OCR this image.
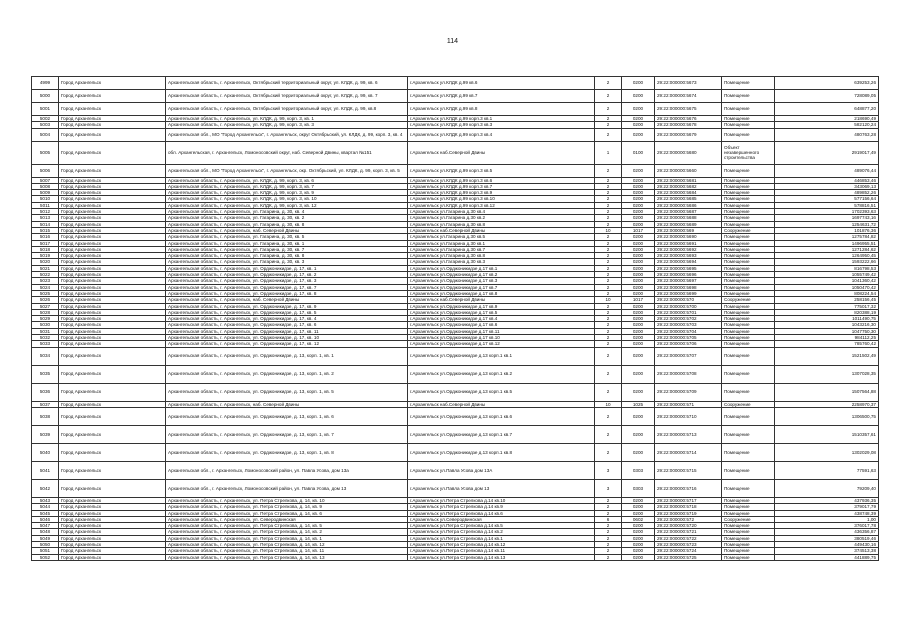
114
4999	Город Архангельск	Архангельская область, г. Архангельск, Октябрьский территориальный округ, ул. КЛДК, д. 99, кв. 6	г.Архангельск ул.КЛДК д.99 кв.6	2	0200	29:22:000000:5673	Помещение	639253,26
5000	Город Архангельск	Архангельская область, г. Архангельск, Октябрьский территориальный округ, ул. КЛДК, д. 99, кв. 7	г.Архангельск ул.КЛДК д.99 кв.7	2	0200	29:22:000000:5674	Помещение	728089,05
5001	Город Архангельск	Архангельская область, г. Архангельск, Октябрьский территориальный округ, ул. КЛДК, д. 99, кв.8	г.Архангельск ул.КЛДК д.99 кв.8	2	0200	29:22:000000:5675	Помещение	648877,20
5002	Город Архангельск	Архангельская область, г. Архангельск, ул. КЛДК, д. 99, корп. 3, кв. 1	г.Архангельск ул.КЛДК д.99 корп.3 кв.1	2	0200	29:22:000000:5676	Помещение	218690,49
5003	Город Архангельск	Архангельская область, г. Архангельск, ул. КЛДК, д. 99, корп. 3, кв. 3	г.Архангельск ул.КЛДК д.99 корп.3 кв.3	2	0200	29:22:000000:5678	Помещение	582120,24
5004	Город Архангельск	Архангельская обл., МО "Город Архангельск", г. Архангельск, округ Октябрьский, ул. КЛДК, д. 99, корп. 3, кв. 4	г.Архангельск ул.КЛДК д.99 корп.3 кв.4	2	0200	29:22:000000:5679	Помещение	480763,28
5005	Город Архангельск	обл. Архангельская, г. Архангельск, Ломоносовский округ, наб. Северной Двины, квартал №151	г.Архангельск наб.Северной Двины	1	0100	29:22:000000:5680	Объект незавершенного строительства	2919017,49
5006	Город Архангельск	Архангельская обл., МО "Город Архангельск", г. Архангельск, окр. Октябрьский, ул. КЛДК, д. 99, корп. 3, кв. 5	г.Архангельск ул.КЛДК д.99 корп.3 кв.5	2	0200	29:22:000000:5660	Помещение	489076,44
5007	Город Архангельск	Архангельская область, г. Архангельск, ул. КЛДК, д. 99, корп. 3, кв. 6	г.Архангельск ул.КЛДК д.99 корп.3 кв.6	2	0200	29:22:000000:5681	Помещение	446853,46
5008	Город Архангельск	Архангельская область, г. Архангельск, ул. КЛДК, д. 99, корп. 3, кв. 7	г.Архангельск ул.КЛДК д.99 корп.3 кв.7	2	0200	29:22:000000:5682	Помещение	343069,13
5009	Город Архангельск	Архангельская область, г. Архангельск, ул. КЛДК, д. 99, корп. 3, кв. 9	г.Архангельск ул.КЛДК д.99 корп.3 кв.9	2	0200	29:22:000000:5684	Помещение	489852,26
5010	Город Архангельск	Архангельская область, г. Архангельск, ул. КЛДК, д. 99, корп. 3, кв. 10	г.Архангельск ул.КЛДК д.99 корп.3 кв.10	2	0200	29:22:000000:5685	Помещение	577156,64
5011	Город Архангельск	Архангельская область, г. Архангельск, ул. КЛДК, д. 99, корп. 3, кв. 12	г.Архангельск ул.КЛДК д.99 корп.3 кв.12	2	0200	29:22:000000:5686	Помещение	578816,51
5012	Город Архангельск	Архангельская область, г. Архангельск, ул. Гагарина, д. 30, кв. 4	г.Архангельск ул.Гагарина д.30 кв.4	2	0200	29:22:000000:5687	Помещение	1702393,63
5013	Город Архангельск	Архангельская область, г. Архангельск, ул. Гагарина, д. 30, кв. 2	г.Архангельск ул.Гагарина д.30 кв.2	2	0200	29:22:000000:5688	Помещение	1697743,16
5014	Город Архангельск	Архангельская область, г. Архангельск, ул. Гагарина, д. 30, кв. 8	г.Архангельск ул.Гагарина д.30 кв.8	2	0200	29:22:000000:5689	Помещение	1254631,72
5015	Город Архангельск	Архангельская область, г. Архангельск, наб. Северной Двины	г.Архангельск наб.Северной Двины	10	1017	29:22:000000:569	Сооружение	101876,36
5016	Город Архангельск	Архангельская область, г. Архангельск, ул. Гагарина, д. 30, кв. 5	г.Архангельск ул.Гагарина д.30 кв.5	2	0200	29:22:000000:5690	Помещение	1275784,82
5017	Город Архангельск	Архангельская область, г. Архангельск, ул. Гагарина, д. 30, кв. 1	г.Архангельск ул.Гагарина д.30 кв.1	2	0200	29:22:000000:5691	Помещение	1496955,51
5018	Город Архангельск	Архангельская область, г. Архангельск, ул. Гагарина, д. 30, кв. 7	г.Архангельск ул.Гагарина д.30 кв.7	2	0200	29:22:000000:5692	Помещение	1271284,62
5019	Город Архангельск	Архангельская область, г. Архангельск, ул. Гагарина, д. 30, кв. 8	г.Архангельск ул.Гагарина д.30 кв.8	2	0200	29:22:000000:5693	Помещение	1264950,45
5020	Город Архангельск	Архангельская область, г. Архангельск, ул. Гагарина, д. 30, кв. 3	г.Архангельск ул.Гагарина д.30 кв.3	2	0200	29:22:000000:5694	Помещение	1593222,66
5021	Город Архангельск	Архангельская область, г. Архангельск, ул. Орджоникидзе, д. 17, кв. 1	г.Архангельск ул.Орджоникидзе д.17 кв.1	2	0200	29:22:000000:5695	Помещение	816798,53
5022	Город Архангельск	Архангельская область, г. Архангельск, ул. Орджоникидзе, д. 17, кв. 2	г.Архангельск ул.Орджоникидзе д.17 кв.2	2	0200	29:22:000000:5696	Помещение	1055749,42
5023	Город Архангельск	Архангельская область, г. Архангельск, ул. Орджоникидзе, д. 17, кв. 3	г.Архангельск ул.Орджоникидзе д.17 кв.3	2	0200	29:22:000000:5697	Помещение	1041360,42
5024	Город Архангельск	Архангельская область, г. Архангельск, ул. Орджоникидзе, д. 17, кв. 7	г.Архангельск ул.Орджоникидзе д.17 кв.7	2	0200	29:22:000000:5698	Помещение	1050470,42
5025	Город Архангельск	Архангельская область, г. Архангельск, ул. Орджоникидзе, д. 17, кв. 8	г.Архангельск ул.Орджоникидзе д.17 кв.8	2	0200	29:22:000000:5699	Помещение	808224,54
5026	Город Архангельск	Архангельская область, г. Архангельск, наб. Северной Двины	г.Архангельск наб.Северной Двины	10	1017	29:22:000000:570	Сооружение	258156,45
5027	Город Архангельск	Архангельская область, г. Архангельск, ул. Орджоникидзе, д. 17, кв. 9	г.Архангельск ул.Орджоникидзе д.17 кв.9	2	0200	29:22:000000:5700	Помещение	775017,32
5028	Город Архангельск	Архангельская область, г. Архангельск, ул. Орджоникидзе, д. 17, кв. 5	г.Архангельск ул.Орджоникидзе д.17 кв.5	2	0200	29:22:000000:5701	Помещение	820388,19
5029	Город Архангельск	Архангельская область, г. Архангельск, ул. Орджоникидзе, д. 17, кв. 4	г.Архангельск ул.Орджоникидзе д.17 кв.4	2	0200	29:22:000000:5702	Помещение	1011490,75
5030	Город Архангельск	Архангельская область, г. Архангельск, ул. Орджоникидзе, д. 17, кв. 6	г.Архангельск ул.Орджоникидзе д.17 кв.6	2	0200	29:22:000000:5703	Помещение	1043216,30
5031	Город Архангельск	Архангельская область, г. Архангельск, ул. Орджоникидзе, д. 17, кв. 11	г.Архангельск ул.Орджоникидзе д.17 кв.11	2	0200	29:22:000000:5704	Помещение	1047750,30
5032	Город Архангельск	Архангельская область, г. Архангельск, ул. Орджоникидзе, д. 17, кв. 10	г.Архангельск ул.Орджоникидзе д.17 кв.10	2	0200	29:22:000000:5705	Помещение	984112,25
5033	Город Архангельск	Архангельская область, г. Архангельск, ул. Орджоникидзе, д. 17, кв. 12	г.Архангельск ул.Орджоникидзе д.17 кв.12	2	0200	29:22:000000:5706	Помещение	785760,42
5034	Город Архангельск	Архангельская область, г. Архангельск, ул. Орджоникидзе, д. 13, корп. 1, кв. 1	г.Архангельск ул.Орджоникидзе д.13 корп.1 кв.1	2	0200	29:22:000000:5707	Помещение	1521502,49
5035	Город Архангельск	Архангельская область, г. Архангельск, ул. Орджоникидзе, д. 13, корп. 1, кв. 2	г.Архангельск ул.Орджоникидзе д.13 корп.1 кв.2	2	0200	29:22:000000:5708	Помещение	1307028,35
5036	Город Архангельск	Архангельская область, г. Архангельск, ул. Орджоникидзе, д. 13, корп. 1, кв. 5	г.Архангельск ул.Орджоникидзе д.13 корп.1 кв.5	2	0200	29:22:000000:5709	Помещение	1507564,88
5037	Город Архангельск	Архангельская область, г. Архангельск, наб. Северной Двины	г.Архангельск наб.Северной Двины	10	1025	29:22:000000:571	Сооружение	2258970,37
5038	Город Архангельск	Архангельская область, г. Архангельск, ул. Орджоникидзе, д. 13, корп. 1, кв. 6	г.Архангельск ул.Орджоникидзе д.13 корп.1 кв.6	2	0200	29:22:000000:5710	Помещение	1306500,75
5039	Город Архангельск	Архангельская область, г. Архангельск, ул. Орджоникидзе, д. 13, корп. 1, кв. 7	г.Архангельск ул.Орджоникидзе д.13 корп.1 кв.7	2	0200	29:22:000000:5713	Помещение	1510357,61
5040	Город Архангельск	Архангельская область, г. Архангельск, ул. Орджоникидзе, д. 13, корп. 1, кв. 8	г.Архангельск ул.Орджоникидзе д.13 корп.1 кв.8	2	0200	29:22:000000:5714	Помещение	1302029,08
5041	Город Архангельск	Архангельская обл., г. Архангельск, Ломоносовский район, ул. Павла Усова, дом 13а	г.Архангельск ул.Павла Усова дом 13А	3	0303	29:22:000000:5715	Помещение	77591,63
5042	Город Архангельск	Архангельская обл., г. Архангельск, Ломоносовский район, ул. Павла Усова, дом 13	г.Архангельск ул.Павла Усова дом 13	3	0303	29:22:000000:5716	Помещение	79209,40
5043	Город Архангельск	Архангельская область, г. Архангельск, ул. Петра Стрелкова, д. 14, кв. 10	г.Архангельск ул.Петра Стрелкова д.14 кв.10	2	0200	29:22:000000:5717	Помещение	437936,35
5044	Город Архангельск	Архангельская область, г. Архангельск, ул. Петра Стрелкова, д. 14, кв. 9	г.Архангельск ул.Петра Стрелкова д.14 кв.9	2	0200	29:22:000000:5718	Помещение	379017,79
5045	Город Архангельск	Архангельская область, г. Архангельск, ул. Петра Стрелкова, д. 14, кв. 6	г.Архангельск ул.Петра Стрелкова д.14 кв.6	2	0200	29:22:000000:5719	Помещение	438748,39
5046	Город Архангельск	Архангельская область, г. Архангельск, ул. Северодвинская	г.Архангельск ул.Северодвинская	6	0602	29:22:000000:572	Сооружение	1,00
5047	Город Архангельск	Архангельская область, г. Архангельск, ул. Петра Стрелкова, д. 14, кв. 5	г.Архангельск ул.Петра Стрелкова д.14 кв.5	2	0200	29:22:000000:5720	Помещение	376017,78
5048	Город Архангельск	Архангельская область, г. Архангельск, ул. Петра Стрелкова, д. 14, кв. 2	г.Архангельск ул.Петра Стрелкова д.14 кв.2	2	0200	29:22:000000:5721	Помещение	436356,87
5049	Город Архангельск	Архангельская область, г. Архангельск, ул. Петра Стрелкова, д. 14, кв. 1	г.Архангельск ул.Петра Стрелкова д.14 кв.1	2	0200	29:22:000000:5722	Помещение	380519,46
5050	Город Архангельск	Архангельская область, г. Архангельск, ул. Петра Стрелкова, д. 14, кв. 12	г.Архангельск ул.Петра Стрелкова д.14 кв.12	2	0200	29:22:000000:5723	Помещение	449430,16
5051	Город Архангельск	Архангельская область, г. Архангельск, ул. Петра Стрелкова, д. 14, кв. 11	г.Архангельск ул.Петра Стрелкова д.14 кв.11	2	0200	29:22:000000:5724	Помещение	374513,38
5052	Город Архангельск	Архангельская область, г. Архангельск, ул. Петра Стрелкова, д. 14, кв. 13	г.Архангельск ул.Петра Стрелкова д.14 кв.13	2	0200	29:22:000000:5725	Помещение	441889,75
